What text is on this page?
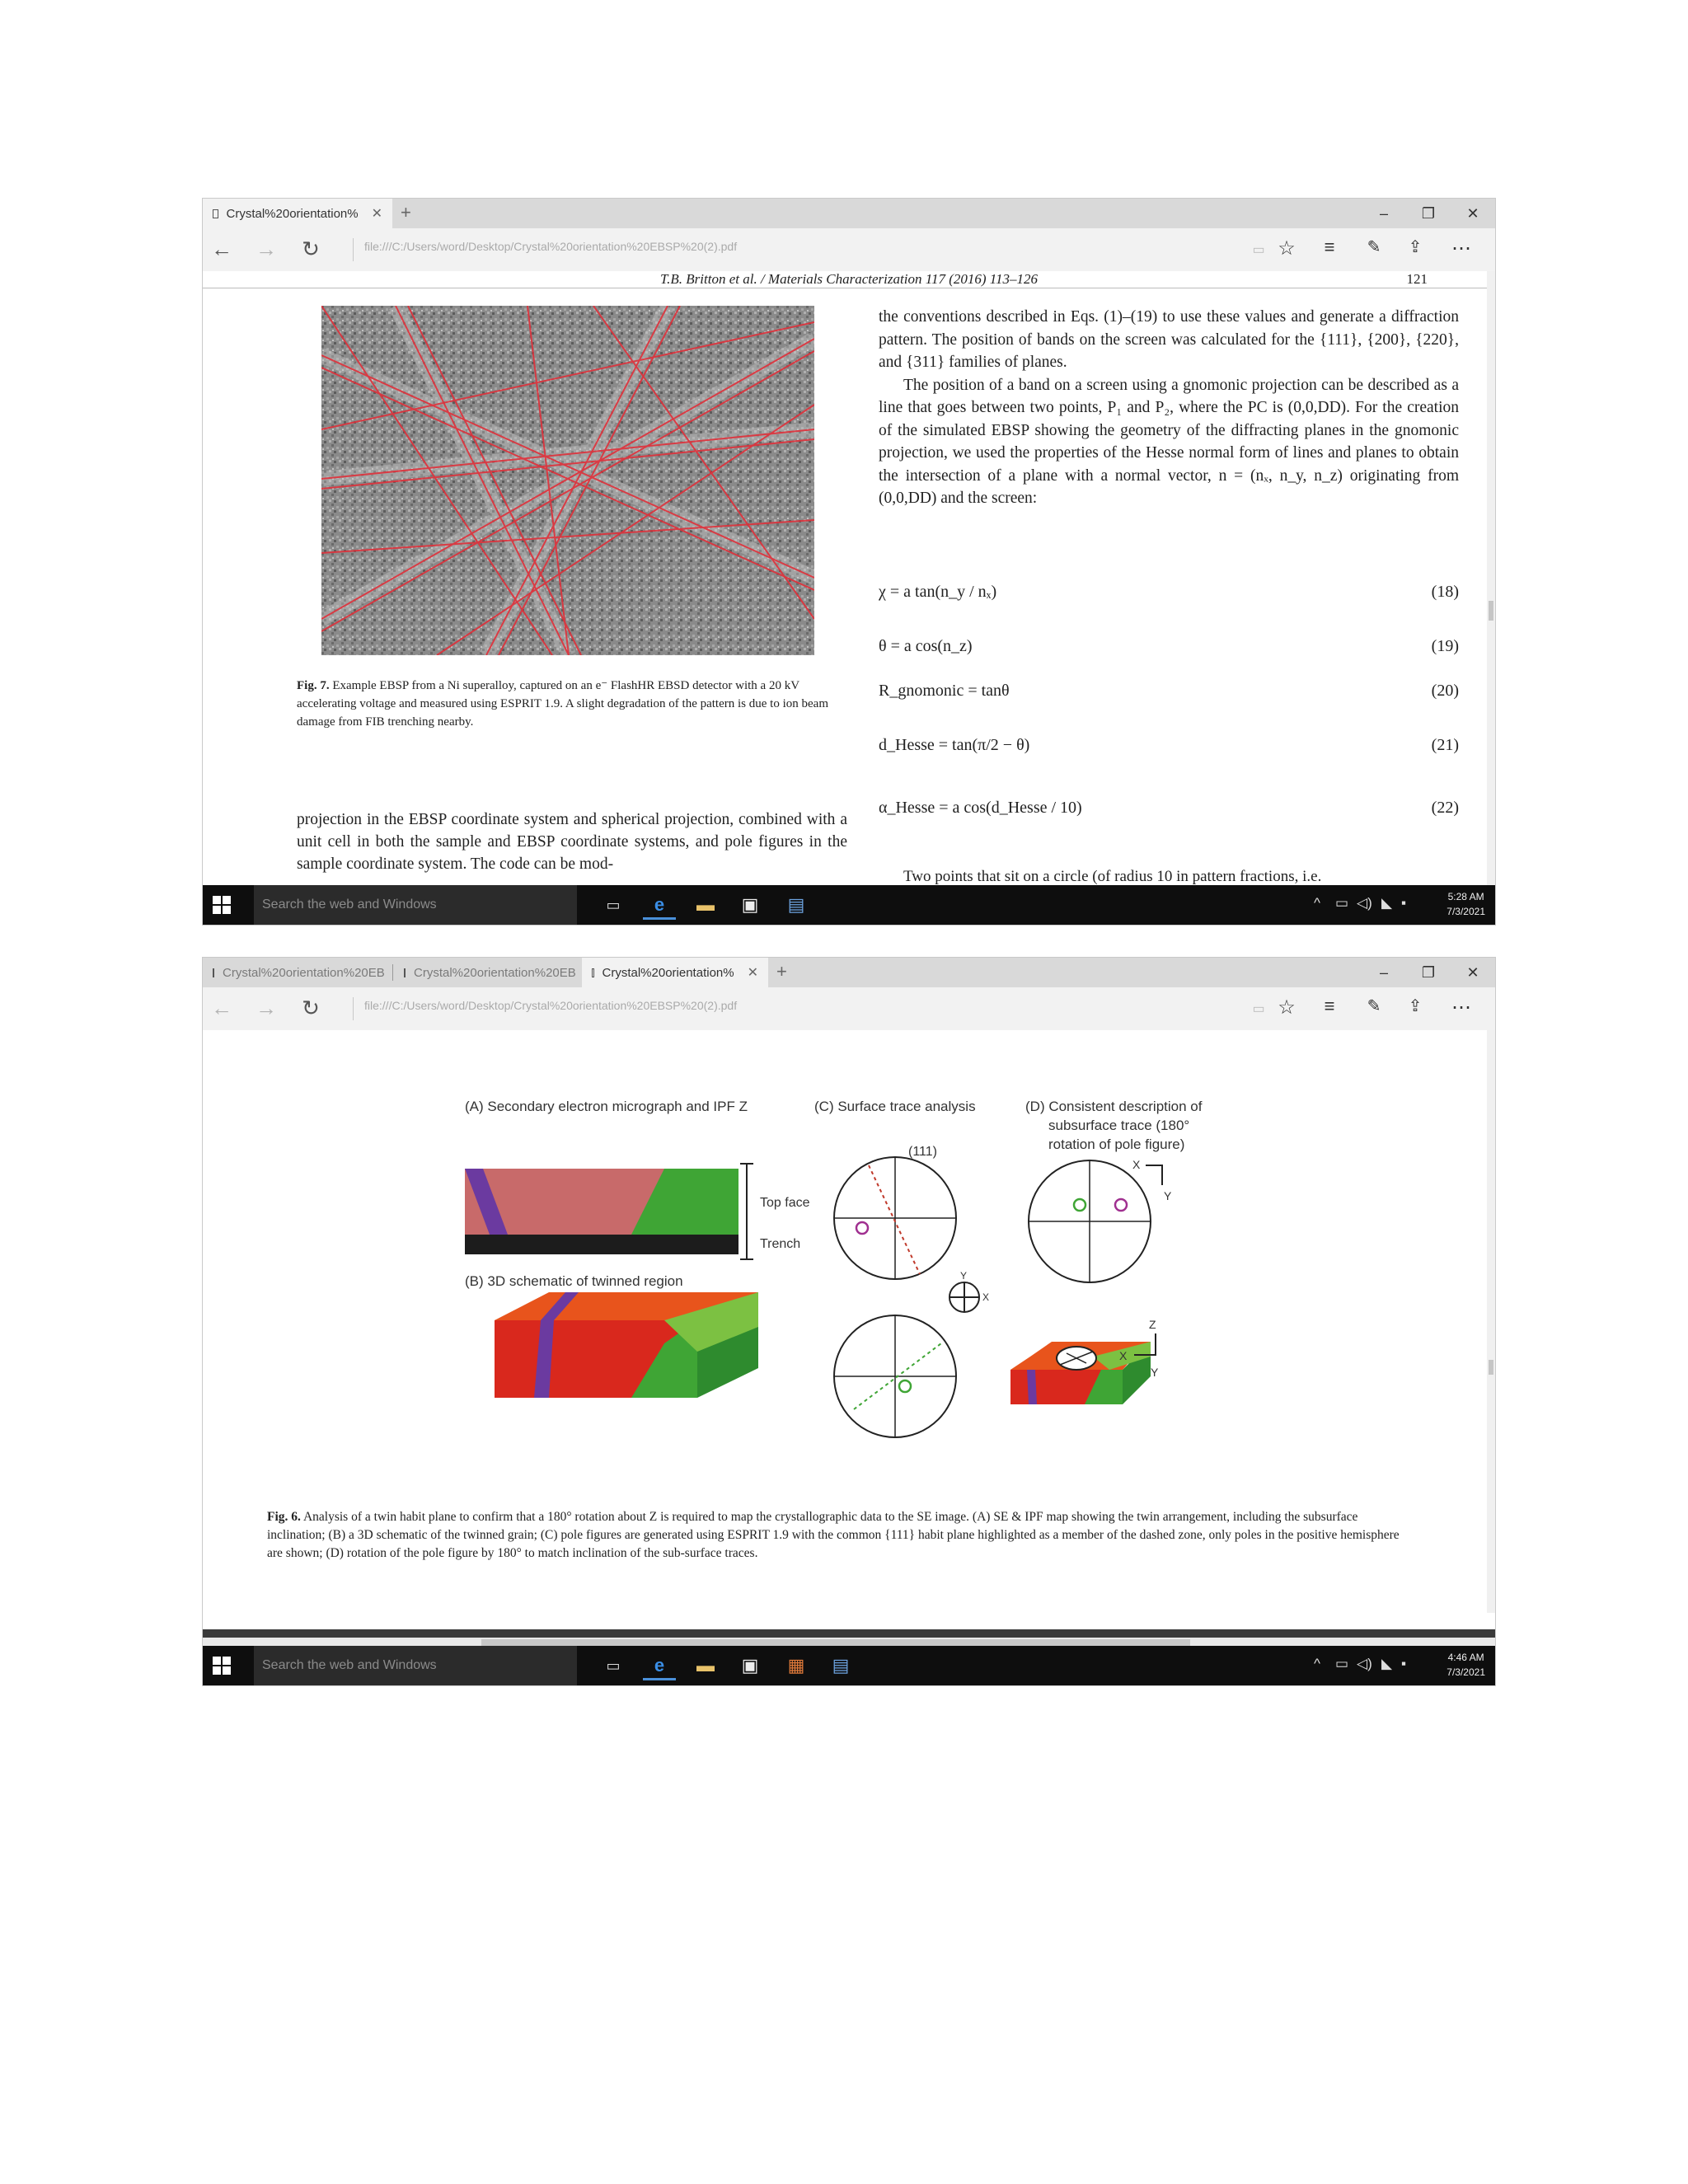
Crystal%20orientation% ✕ +	–	❐	✕
← → ↻	file:///C:/Users/word/Desktop/Crystal%20orientation%20EBSP%20(2).pdf	▭ ☆	≡	✎	⇪	⋯
T.B. Britton et al. / Materials Characterization 117 (2016) 113–126	121
Fig. 7. Example EBSP from a Ni superalloy, captured on an e⁻ FlashHR EBSD detector with a 20 kV accelerating voltage and measured using ESPRIT 1.9. A slight degradation of the pattern is due to ion beam damage from FIB trenching nearby.
projection in the EBSP coordinate system and spherical projection, combined with a unit cell in both the sample and EBSP coordinate systems, and pole figures in the sample coordinate system. The code can be mod-

the conventions described in Eqs. (1)–(19) to use these values and generate a diffraction pattern. The position of bands on the screen was calculated for the {111}, {200}, {220}, and {311} families of planes.

The position of a band on a screen using a gnomonic projection can be described as a line that goes between two points, P₁ and P₂, where the PC is (0,0,DD). For the creation of the simulated EBSP showing the geometry of the diffracting planes in the gnomonic projection, we used the properties of the Hesse normal form of lines and planes to obtain the intersection of a plane with a normal vector, n = (nₓ, n_y, n_z) originating from (0,0,DD) and the screen:

χ = a tan(n_y / nₓ)	(18)
θ = a cos(n_z)	(19)
R_gnomonic = tanθ	(20)
d_Hesse = tan(π/2 − θ)	(21)
α_Hesse = a cos(d_Hesse / 10)	(22)
Two points that sit on a circle (of radius 10 in pattern fractions, i.e.
Search the web and Windows	▭	e	▬	▣	▤	^ ▭ ◁) ◣ ▪	5:28 AM
7/3/2021
Crystal%20orientation%20EB Crystal%20orientation%20EB Crystal%20orientation% ✕ +	–	❐	✕
← → ↻	file:///C:/Users/word/Desktop/Crystal%20orientation%20EBSP%20(2).pdf	▭ ☆	≡	✎	⇪	⋯
(A) Secondary electron micrograph and IPF Z	(C) Surface trace analysis	(D) Consistent description of
subsurface trace (180°
rotation of pole figure)
Top face
Trench
(B) 3D schematic of twinned region
(111)
X
Y
X
Y
Z
X
Y
Fig. 6. Analysis of a twin habit plane to confirm that a 180° rotation about Z is required to map the crystallographic data to the SE image. (A) SE & IPF map showing the twin arrangement, including the subsurface inclination; (B) a 3D schematic of the twinned grain; (C) pole figures are generated using ESPRIT 1.9 with the common {111} habit plane highlighted as a member of the dashed zone, only poles in the positive hemisphere are shown; (D) rotation of the pole figure by 180° to match inclination of the sub-surface traces.
Search the web and Windows	▭	e	▬	▣	▦	▤	^ ▭ ◁) ◣ ▪	4:46 AM
7/3/2021
